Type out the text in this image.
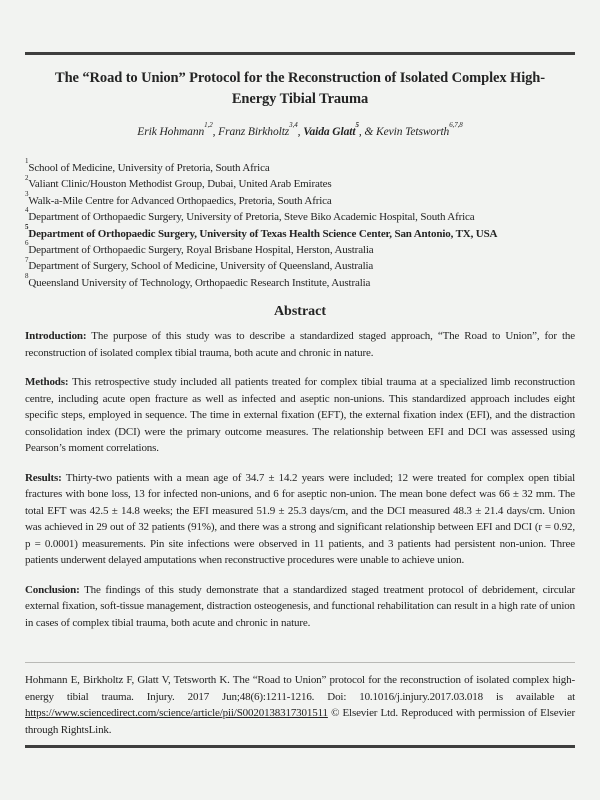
The “Road to Union” Protocol for the Reconstruction of Isolated Complex High-
Energy Tibial Trauma
Erik Hohmann$^{1,2}$, Franz Birkholtz$^{3,4}$, Vaida Glatt$^5$, & Kevin Tetsworth$^{6,7,8}$
$^1$School of Medicine, University of Pretoria, South Africa
$^2$Valiant Clinic/Houston Methodist Group, Dubai, United Arab Emirates
$^3$Walk-a-Mile Centre for Advanced Orthopaedics, Pretoria, South Africa
$^4$Department of Orthopaedic Surgery, University of Pretoria, Steve Biko Academic Hospital, South Africa
$^5$Department of Orthopaedic Surgery, University of Texas Health Science Center, San Antonio, TX, USA
$^6$Department of Orthopaedic Surgery, Royal Brisbane Hospital, Herston, Australia
$^7$Department of Surgery, School of Medicine, University of Queensland, Australia
$^8$Queensland University of Technology, Orthopaedic Research Institute, Australia
Abstract

Introduction: The purpose of this study was to describe a standardized staged approach, “The Road to Union”, for the reconstruction of isolated complex tibial trauma, both acute and chronic in nature.

Methods: This retrospective study included all patients treated for complex tibial trauma at a specialized limb reconstruction centre, including acute open fracture as well as infected and aseptic non-unions. This standardized approach includes eight specific steps, employed in sequence. The time in external fixation (EFT), the external fixation index (EFI), and the distraction consolidation index (DCI) were the primary outcome measures. The relationship between EFI and DCI was assessed using Pearson’s moment correlations.

Results: Thirty-two patients with a mean age of 34.7 ± 14.2 years were included; 12 were treated for complex open tibial fractures with bone loss, 13 for infected non-unions, and 6 for aseptic non-union. The mean bone defect was 66 ± 32 mm. The total EFT was 42.5 ± 14.8 weeks; the EFI measured 51.9 ± 25.3 days/cm, and the DCI measured 48.3 ± 21.4 days/cm. Union was achieved in 29 out of 32 patients (91%), and there was a strong and significant relationship between EFI and DCI (r = 0.92, p = 0.0001) measurements. Pin site infections were observed in 11 patients, and 3 patients had persistent non-union. Three patients underwent delayed amputations when reconstructive procedures were unable to achieve union.

Conclusion: The findings of this study demonstrate that a standardized staged treatment protocol of debridement, circular external fixation, soft-tissue management, distraction osteogenesis, and functional rehabilitation can result in a high rate of union in cases of complex tibial trauma, both acute and chronic in nature.

Hohmann E, Birkholtz F, Glatt V, Tetsworth K. The “Road to Union” protocol for the reconstruction of isolated complex high-energy tibial trauma. Injury. 2017 Jun;48(6):1211-1216. Doi: 10.1016/j.injury.2017.03.018 is available at https://www.sciencedirect.com/science/article/pii/S0020138317301511 © Elsevier Ltd. Reproduced with permission of Elsevier through RightsLink.
